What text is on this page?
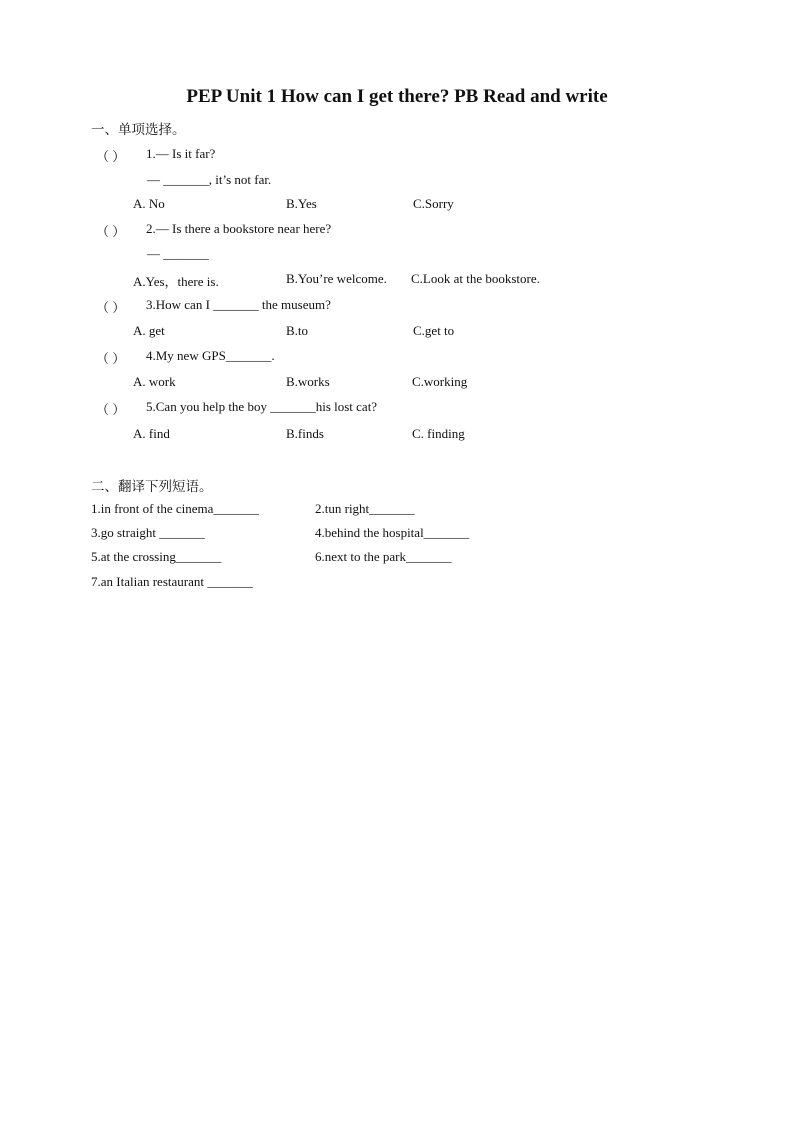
PEP Unit 1 How can I get there? PB Read and write
一、单项选择。
（ ） 1.— Is it far?
— _______, it’s not far.
A. No	B.Yes	C.Sorry
（ ） 2.— Is there a bookstore near here?
— _______
A.Yes，there is.	B.You’re welcome. C.Look at the bookstore.
（ ） 3.How can I _______ the museum?
A. get	B.to	C.get to
（ ） 4.My new GPS_______.
A. work	B.works	C.working
（ ） 5.Can you help the boy _______his lost cat?
A. find	B.finds	C. finding
二、翻译下列短语。
1.in front of the cinema_______	2.tun right_______
3.go straight _______	4.behind the hospital_______
5.at the crossing_______	6.next to the park_______
7.an Italian restaurant _______
